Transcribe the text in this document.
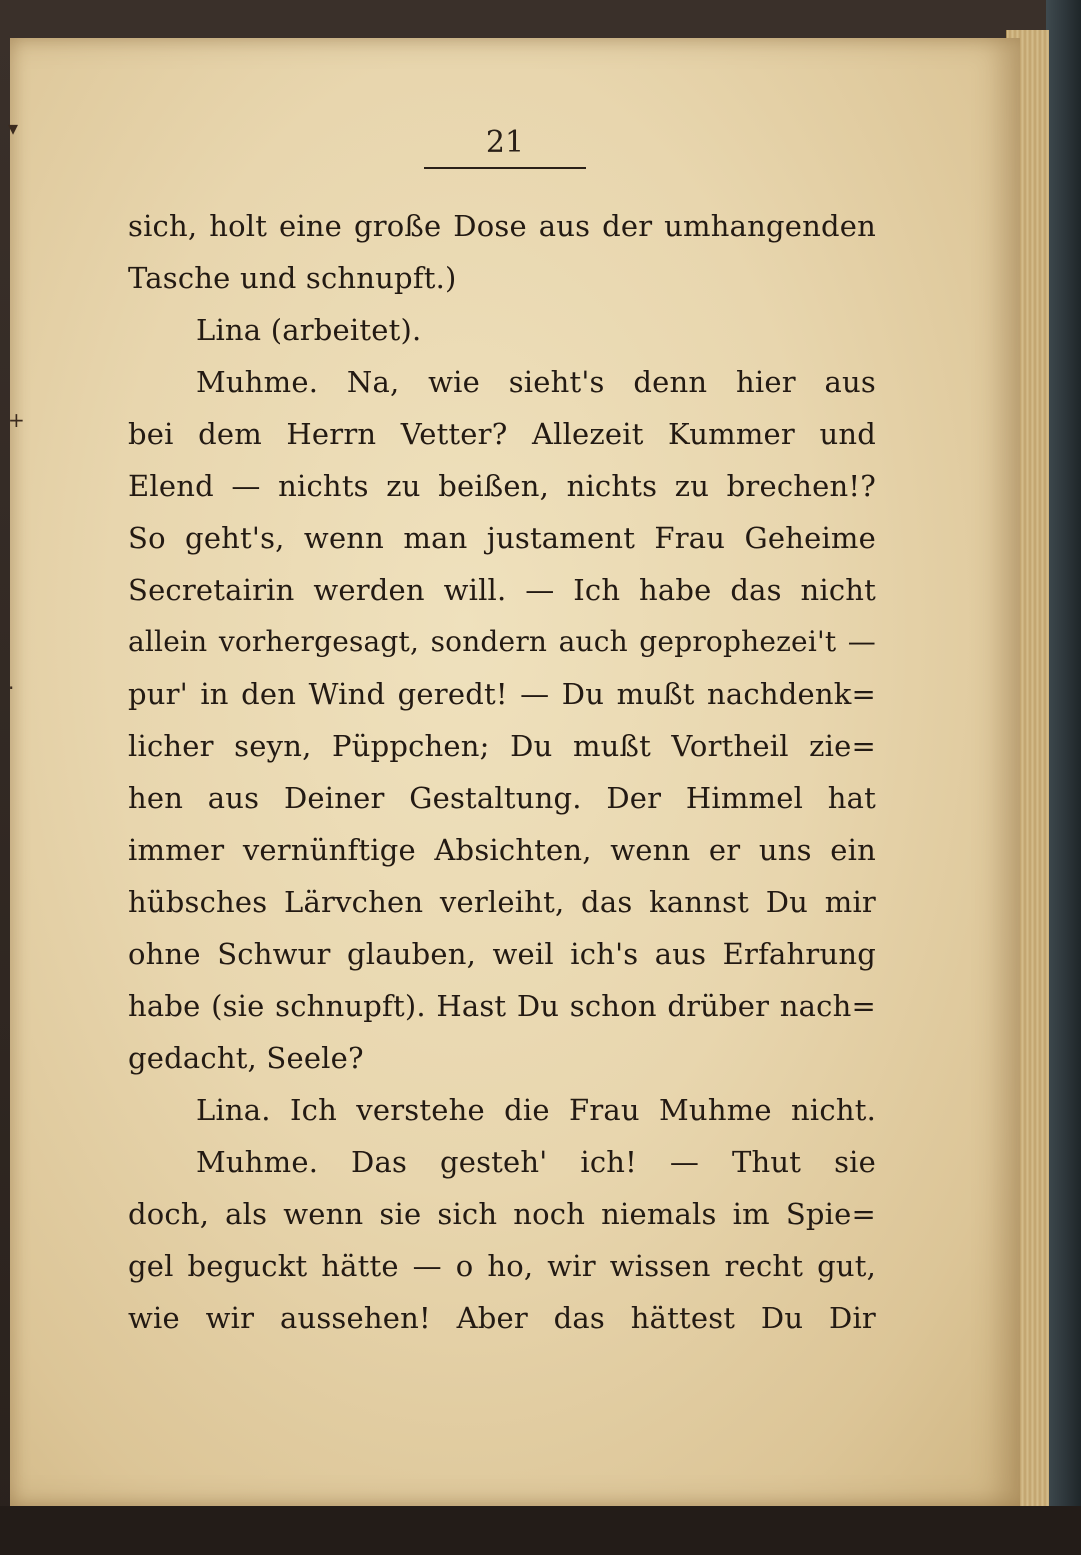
▾
+
·
21
sich, holt eine große Dose aus der umhangenden
Tasche und schnupft.)
Lina (arbeitet).
Muhme. Na, wie sieht's denn hier aus
bei dem Herrn Vetter? Allezeit Kummer und
Elend — nichts zu beißen, nichts zu brechen!?
So geht's, wenn man justament Frau Geheime
Secretairin werden will. — Ich habe das nicht
allein vorhergesagt, sondern auch geprophezei't —
pur' in den Wind geredt! — Du mußt nachdenk=
licher seyn, Püppchen; Du mußt Vortheil zie=
hen aus Deiner Gestaltung. Der Himmel hat
immer vernünftige Absichten, wenn er uns ein
hübsches Lärvchen verleiht, das kannst Du mir
ohne Schwur glauben, weil ich's aus Erfahrung
habe (sie schnupft). Hast Du schon drüber nach=
gedacht, Seele?
Lina. Ich verstehe die Frau Muhme nicht.
Muhme. Das gesteh' ich! — Thut sie
doch, als wenn sie sich noch niemals im Spie=
gel beguckt hätte — o ho, wir wissen recht gut,
wie wir aussehen! Aber das hättest Du Dir
